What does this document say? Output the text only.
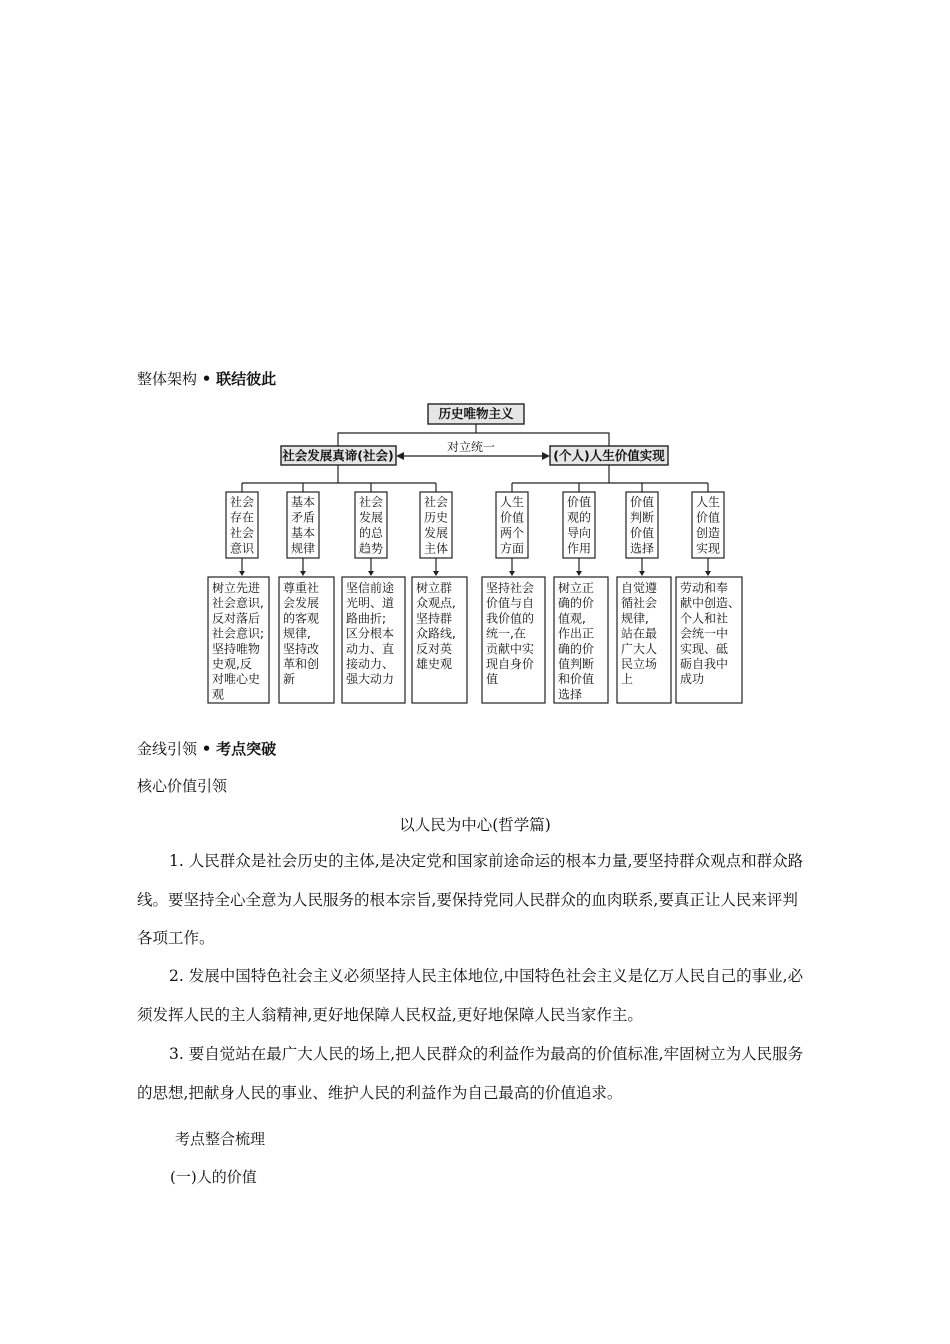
整体架构 • 联结彼此
历史唯物主义
社会发展真谛(社会)	(个人)人生价值实现
对立统一
社会
存在
社会
意识
树立先进
社会意识,
反对落后
社会意识;
坚持唯物
史观,反
对唯心史
观
基本
矛盾
基本
规律
尊重社
会发展
的客观
规律,
坚持改
革和创
新
社会
发展
的总
趋势
坚信前途
光明、道
路曲折;
区分根本
动力、直
接动力、
强大动力
社会
历史
发展
主体
树立群
众观点,
坚持群
众路线,
反对英
雄史观
人生
价值
两个
方面
坚持社会
价值与自
我价值的
统一,在
贡献中实
现自身价
值
价值
观的
导向
作用
树立正
确的价
值观,
作出正
确的价
值判断
和价值
选择
价值
判断
价值
选择
自觉遵
循社会
规律,
站在最
广大人
民立场
上
人生
价值
创造
实现
劳动和奉
献中创造、
个人和社
会统一中
实现、砥
砺自我中
成功
金线引领 • 考点突破
核心价值引领
以人民为中心(哲学篇)

1. 人民群众是社会历史的主体,是决定党和国家前途命运的根本力量,要坚持群众观点和群众路线。要坚持全心全意为人民服务的根本宗旨,要保持党同人民群众的血肉联系,要真正让人民来评判各项工作。

2. 发展中国特色社会主义必须坚持人民主体地位,中国特色社会主义是亿万人民自己的事业,必须发挥人民的主人翁精神,更好地保障人民权益,更好地保障人民当家作主。

3. 要自觉站在最广大人民的场上,把人民群众的利益作为最高的价值标准,牢固树立为人民服务的思想,把献身人民的事业、维护人民的利益作为自己最高的价值追求。

考点整合梳理
(一)人的价值
